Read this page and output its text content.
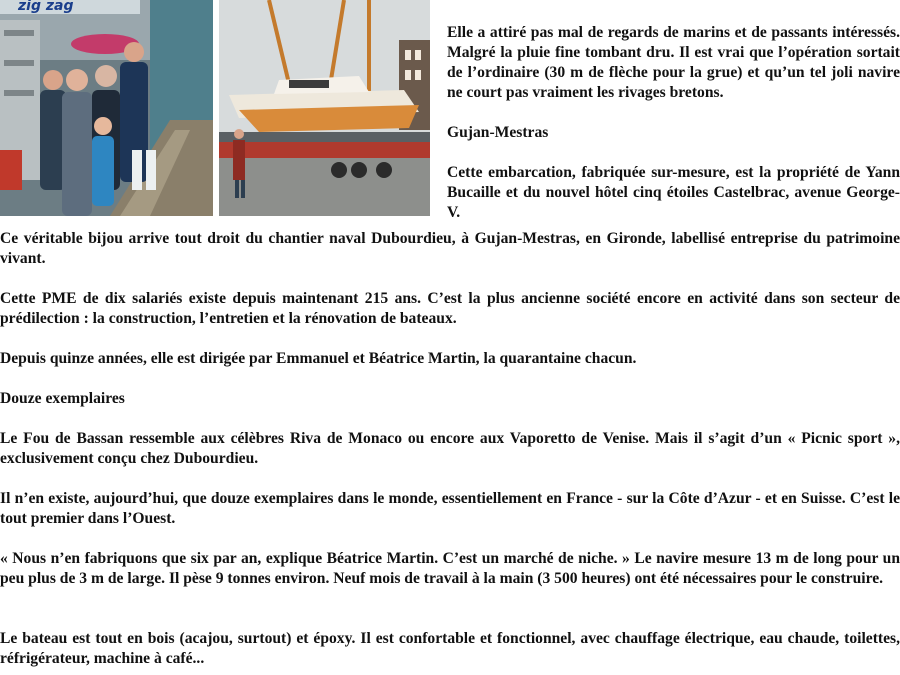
zig zag

Elle a attiré pas mal de regards de marins et de passants intéressés. Malgré la pluie fine tombant dru. Il est vrai que l’opération sortait de l’ordinaire (30 m de flèche pour la grue) et qu’un tel joli navire ne court pas vraiment les rivages bretons.

Gujan-Mestras

Cette embarcation, fabriquée sur-mesure, est la propriété de Yann Bucaille et du nouvel hôtel cinq étoiles Castelbrac, avenue George-V.

Ce véritable bijou arrive tout droit du chantier naval Dubourdieu, à Gujan-Mestras, en Gironde, labellisé entreprise du patrimoine vivant.

Cette PME de dix salariés existe depuis maintenant 215 ans. C’est la plus ancienne société encore en activité dans son secteur de prédilection : la construction, l’entretien et la rénovation de bateaux.

Depuis quinze années, elle est dirigée par Emmanuel et Béatrice Martin, la quarantaine chacun.

Douze exemplaires

Le Fou de Bassan ressemble aux célèbres Riva de Monaco ou encore aux Vaporetto de Venise. Mais il s’agit d’un « Picnic sport », exclusivement conçu chez Dubourdieu.

Il n’en existe, aujourd’hui, que douze exemplaires dans le monde, essentiellement en France - sur la Côte d’Azur - et en Suisse. C’est le tout premier dans l’Ouest.

« Nous n’en fabriquons que six par an, explique Béatrice Martin. C’est un marché de niche. » Le navire mesure 13 m de long pour un peu plus de 3 m de large. Il pèse 9 tonnes environ. Neuf mois de travail à la main (3 500 heures) ont été nécessaires pour le construire.

Le bateau est tout en bois (acajou, surtout) et époxy. Il est confortable et fonctionnel, avec chauffage électrique, eau chaude, toilettes, réfrigérateur, machine à café...
